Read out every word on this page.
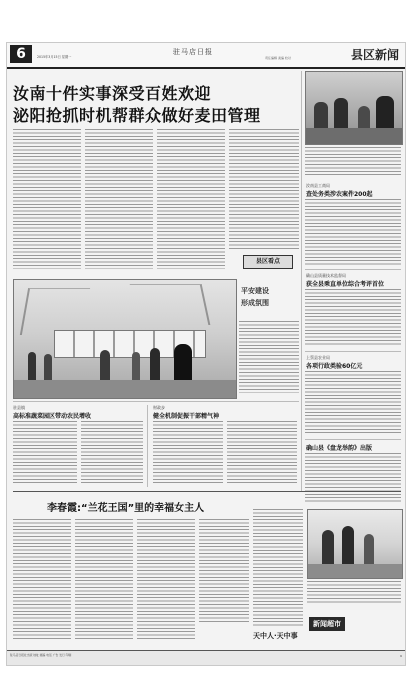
6	2015年3月15日 星期一
驻马店日报
责任编辑 美编 校对	县区新闻
汝南十件实事深受百姓欢迎
泌阳抢抓时机帮群众做好麦田管理
县区看点
汝南县工商局
查处务类涉农案件200起
确山县质量技术监督局
获全县乘直单位综合考评首位
上蔡县农业局
各项行政类验60亿元
确山县《盘龙举韵》出版
平安建设
形成氛围
驻县镇
高标准蔬菜园区带动农民增收
财政步
健全机制促振干部精气神
李春霞:“兰花王国”里的幸福女主人
天中人·天中事
新闻超市
驻马店日报社出版 地址 邮编 电话 广告 发行 印刷	6
